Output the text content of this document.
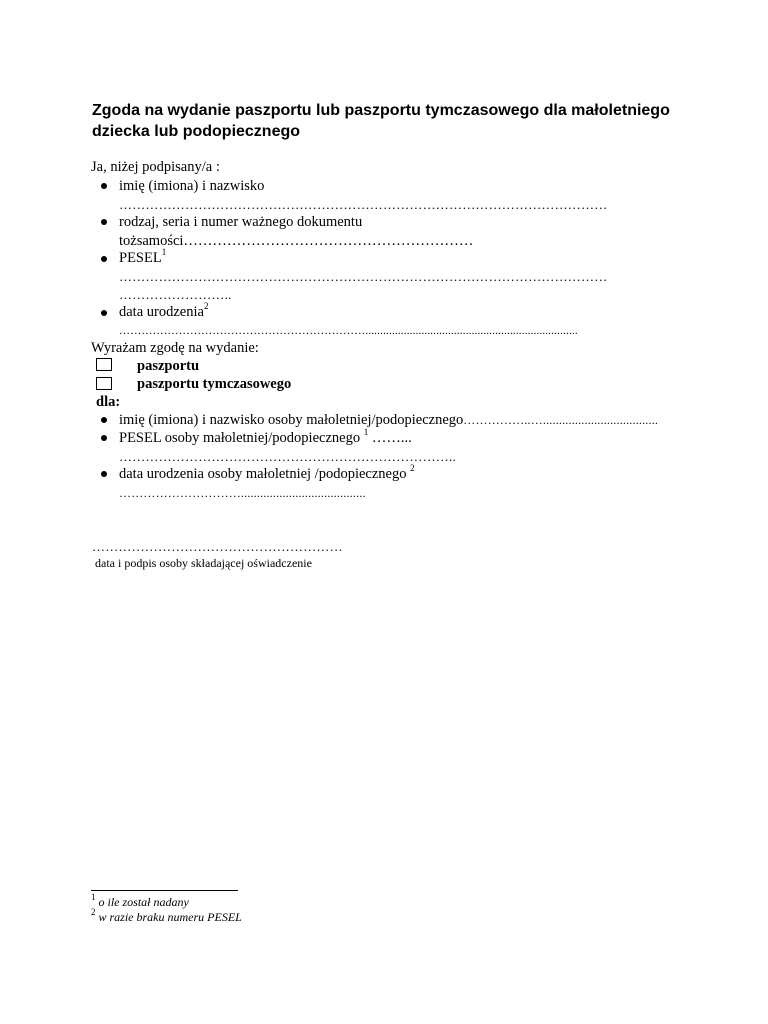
Zgoda na wydanie paszportu lub paszportu tymczasowego dla małoletniego dziecka lub podopiecznego
Ja, niżej podpisany/a :
imię (imiona) i nazwisko
…………………………………………………………………………………………………
rodzaj, seria i numer ważnego dokumentu
tożsamości……………………………………………………
PESEL$^1$
…………………………………………………………………………………………………
……………………..
data urodzenia$^2$
…………………………………………………………........................................................................
Wyrażam zgodę na wydanie:
paszportu
paszportu tymczasowego
dla:
imię (imiona) i nazwisko osoby małoletniej/podopiecznego……………..…....................................
PESEL osoby małoletniej/podopiecznego $^1$ ……...
…………………………………………………………………..
data urodzenia osoby małoletniej /podopiecznego $^2$
………………………….......................................
…………………………………………………
data i podpis osoby składającej oświadczenie
$^1$ o ile został nadany
$^2$ w razie braku numeru PESEL
